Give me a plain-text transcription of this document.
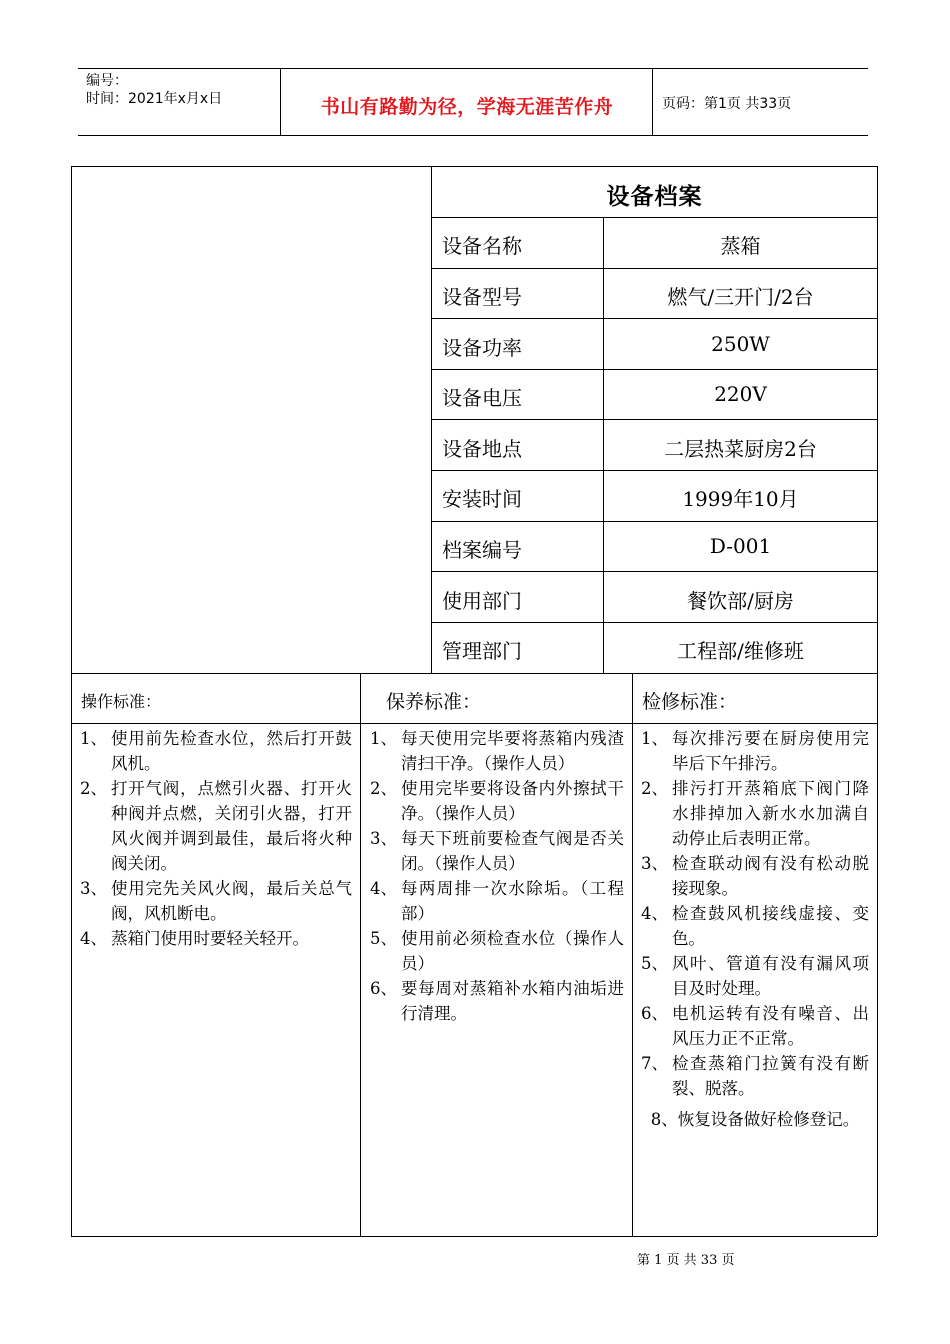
编号：
时间：2021年x月x日	书山有路勤为径，学海无涯苦作舟	页码：第1页 共33页
设备档案
设备名称	蒸箱
设备型号	燃气/三开门/2台
设备功率	250W
设备电压	220V
设备地点	二层热菜厨房2台
安装时间	1999年10月
档案编号	D-001
使用部门	餐饮部/厨房
管理部门	工程部/维修班
操作标准：	保养标准：	检修标准：
1、 使用前先检查水位，然后打开鼓风机。
2、 打开气阀，点燃引火器、打开火种阀并点燃，关闭引火器，打开风火阀并调到最佳，最后将火种阀关闭。
3、 使用完先关风火阀，最后关总气阀，风机断电。
4、 蒸箱门使用时要轻关轻开。
1、 每天使用完毕要将蒸箱内残渣清扫干净。（操作人员）
2、 使用完毕要将设备内外擦拭干净。（操作人员）
3、 每天下班前要检查气阀是否关闭。（操作人员）
4、 每两周排一次水除垢。（工程部）
5、 使用前必须检查水位（操作人员）
6、 要每周对蒸箱补水箱内油垢进行清理。
1、 每次排污要在厨房使用完毕后下午排污。
2、 排污打开蒸箱底下阀门降水排掉加入新水水加满自动停止后表明正常。
3、 检查联动阀有没有松动脱接现象。
4、 检查鼓风机接线虚接、变色。
5、 风叶、管道有没有漏风项目及时处理。
6、 电机运转有没有噪音、出风压力正不正常。
7、 检查蒸箱门拉簧有没有断裂、脱落。
8、恢复设备做好检修登记。
第 1 页 共 33 页
